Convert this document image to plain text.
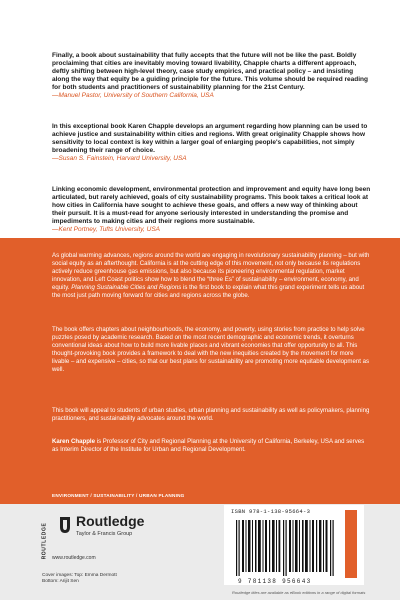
Finally, a book about sustainability that fully accepts that the future will not be like the past. Boldly proclaiming that cities are inevitably moving toward livability, Chapple charts a different approach, deftly shifting between high-level theory, case study empirics, and practical policy – and insisting along the way that equity be a guiding principle for the future. This volume should be required reading for both students and practitioners of sustainability planning for the 21st Century.
—Manuel Pastor, University of Southern California, USA
In this exceptional book Karen Chapple develops an argument regarding how planning can be used to achieve justice and sustainability within cities and regions. With great originality Chapple shows how sensitivity to local context is key within a larger goal of enlarging people's capabilities, not simply broadening their range of choice.
—Susan S. Fainstein, Harvard University, USA
Linking economic development, environmental protection and improvement and equity have long been articulated, but rarely achieved, goals of city sustainability programs. This book takes a critical look at how cities in California have sought to achieve these goals, and offers a new way of thinking about their pursuit. It is a must-read for anyone seriously interested in understanding the promise and impediments to making cities and their regions more sustainable.
—Kent Portney, Tufts University, USA
As global warming advances, regions around the world are engaging in revolutionary sustainability planning – but with social equity as an afterthought. California is at the cutting edge of this movement, not only because its regulations actively reduce greenhouse gas emissions, but also because its pioneering environmental regulation, market innovation, and Left Coast politics show how to blend the “three Es” of sustainability – environment, economy, and equity. Planning Sustainable Cities and Regions is the first book to explain what this grand experiment tells us about the most just path moving forward for cities and regions across the globe.
The book offers chapters about neighbourhoods, the economy, and poverty, using stories from practice to help solve puzzles posed by academic research. Based on the most recent demographic and economic trends, it overturns conventional ideas about how to build more livable places and vibrant economies that offer opportunity to all. This thought-provoking book provides a framework to deal with the new inequities created by the movement for more livable – and expensive – cities, so that our best plans for sustainability are promoting more equitable development as well.
This book will appeal to students of urban studies, urban planning and sustainability as well as policymakers, planning practitioners, and sustainability advocates around the world.
Karen Chapple is Professor of City and Regional Planning at the University of California, Berkeley, USA and serves as Interim Director of the Institute for Urban and Regional Development.
ENVIRONMENT / SUSTAINABILITY / URBAN PLANNING
ROUTLEDGE
Routledge
Taylor & Francis Group
www.routledge.com
Cover images: Top: Emma Dermott
Bottom: Arijit Sen
ISBN 978-1-138-95664-3
9 781138 956643
an informa business
Routledge titles are available as eBook editions in a range of digital formats
